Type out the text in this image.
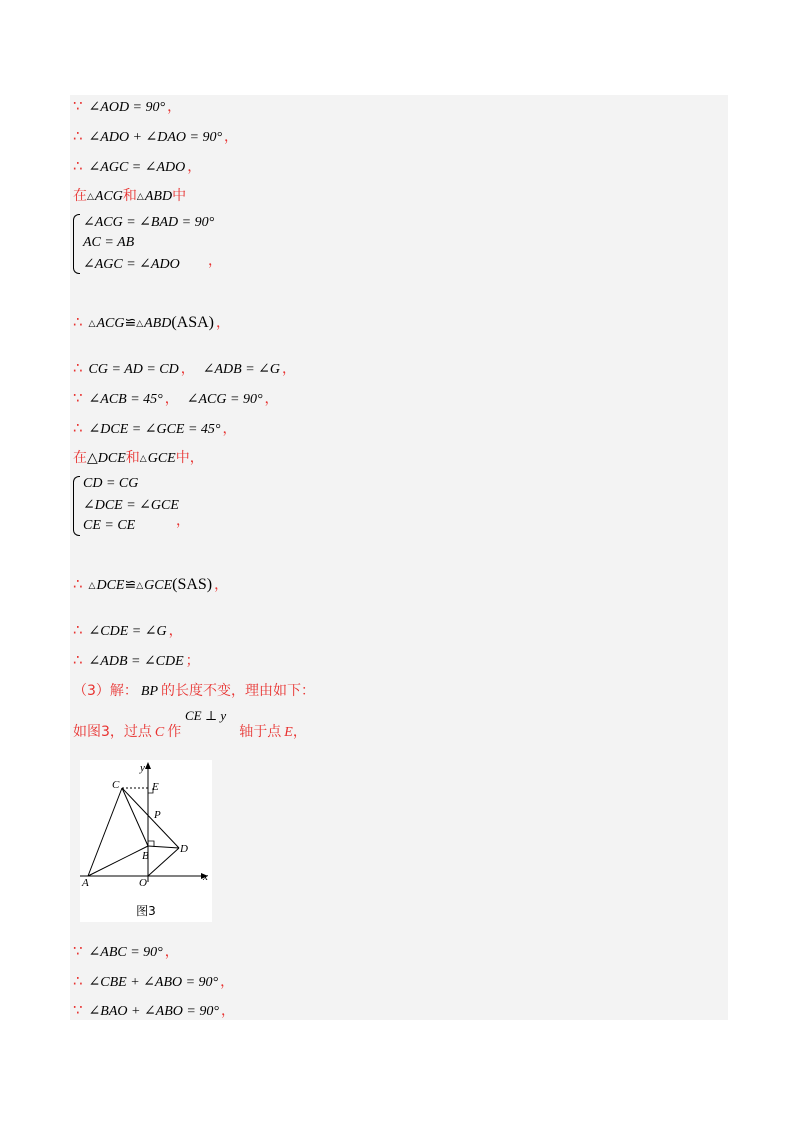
∵ ∠AOD = 90° ，
∴ ∠ADO + ∠DAO = 90° ，
∴ ∠AGC = ∠ADO ，
在△ACG和△ABD中
∠ACG = ∠BAD = 90°
AC = AB
∠AGC = ∠ADO ，
∴ △ACG≌△ABD(ASA) ，
∴ CG = AD = CD ， ∠ADB = ∠G ，
∵ ∠ACB = 45° ， ∠ACG = 90° ，
∴ ∠DCE = ∠GCE = 45° ，
在△DCE和△GCE中，
CD = CG
∠DCE = ∠GCE
CE = CE	，
∴ △DCE≌△GCE(SAS) ，
∴ ∠CDE = ∠G ，
∴ ∠ADB = ∠CDE ；
（3）解： BP 的长度不变，理由如下：
如图3，过点 C 作	轴于点 E，
CE ⊥ y
y
x
C	E
P
B
D
A	O
图3
∵ ∠ABC = 90° ，
∴ ∠CBE + ∠ABO = 90° ，
∵ ∠BAO + ∠ABO = 90° ，
